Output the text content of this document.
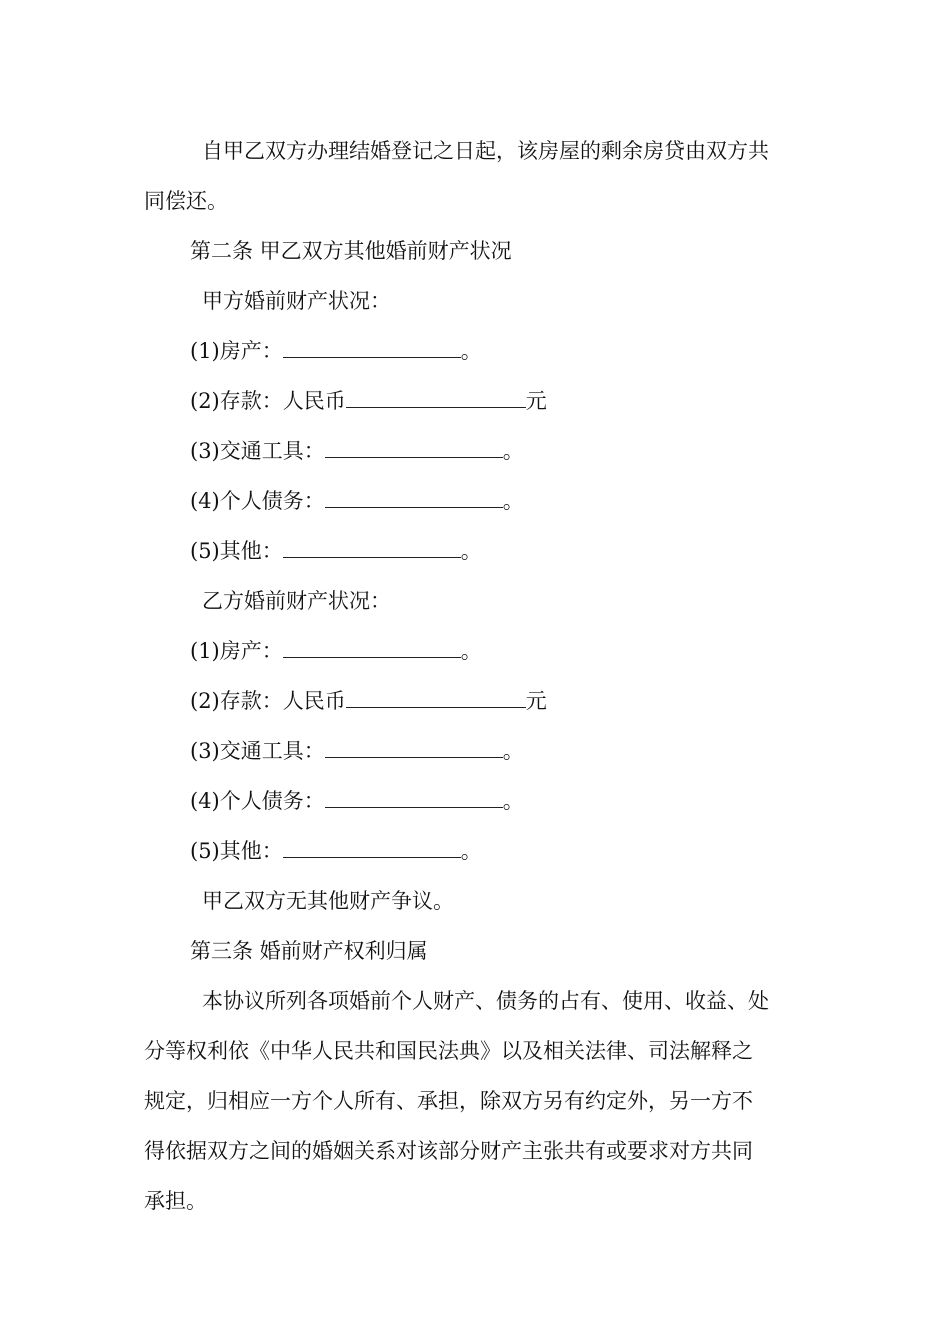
自甲乙双方办理结婚登记之日起，该房屋的剩余房贷由双方共
同偿还。
第二条 甲乙双方其他婚前财产状况
甲方婚前财产状况：
(1)房产：	。
(2)存款：人民币	元
(3)交通工具：	。
(4)个人债务：	。
(5)其他：	。
乙方婚前财产状况：
(1)房产：	。
(2)存款：人民币	元
(3)交通工具：	。
(4)个人债务：	。
(5)其他：	。
甲乙双方无其他财产争议。
第三条 婚前财产权利归属
本协议所列各项婚前个人财产、债务的占有、使用、收益、处
分等权利依《中华人民共和国民法典》以及相关法律、司法解释之
规定，归相应一方个人所有、承担，除双方另有约定外，另一方不
得依据双方之间的婚姻关系对该部分财产主张共有或要求对方共同
承担。
